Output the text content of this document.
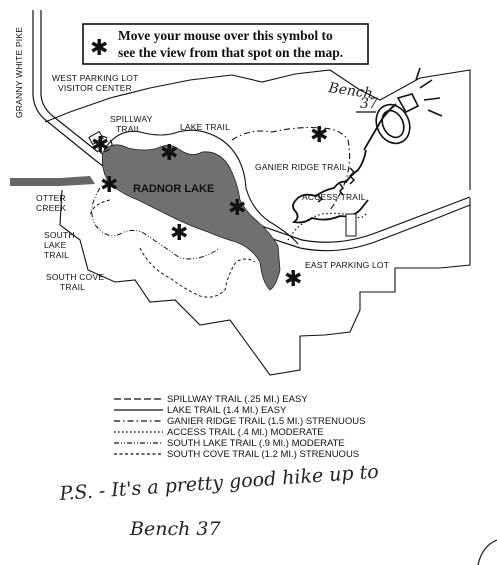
✱
Move your mouse over this symbol to
see the view from that spot on the map.
GRANNY WHITE PIKE
RADNOR LAKE
Bench
37
✱ ✱
✱
✱
✱
✱
✱
WEST PARKING LOT
VISITOR CENTER
SPILLWAY
TRAIL	LAKE TRAIL
GANIER RIDGE TRAIL
ACCESS TRAIL
EAST PARKING LOT
OTTER
CREEK
SOUTH
LAKE
TRAIL
SOUTH COVE
TRAIL
SPILLWAY TRAIL (.25 MI.) EASY
LAKE TRAIL (1.4 MI.) EASY
GANIER RIDGE TRAIL (1.5 MI.) STRENUOUS
ACCESS TRAIL (.4 MI.) MODERATE
SOUTH LAKE TRAIL (.9 MI.) MODERATE
SOUTH COVE TRAIL (1.2 MI.) STRENUOUS
P.S. - It's a pretty good hike up to
Bench 37
